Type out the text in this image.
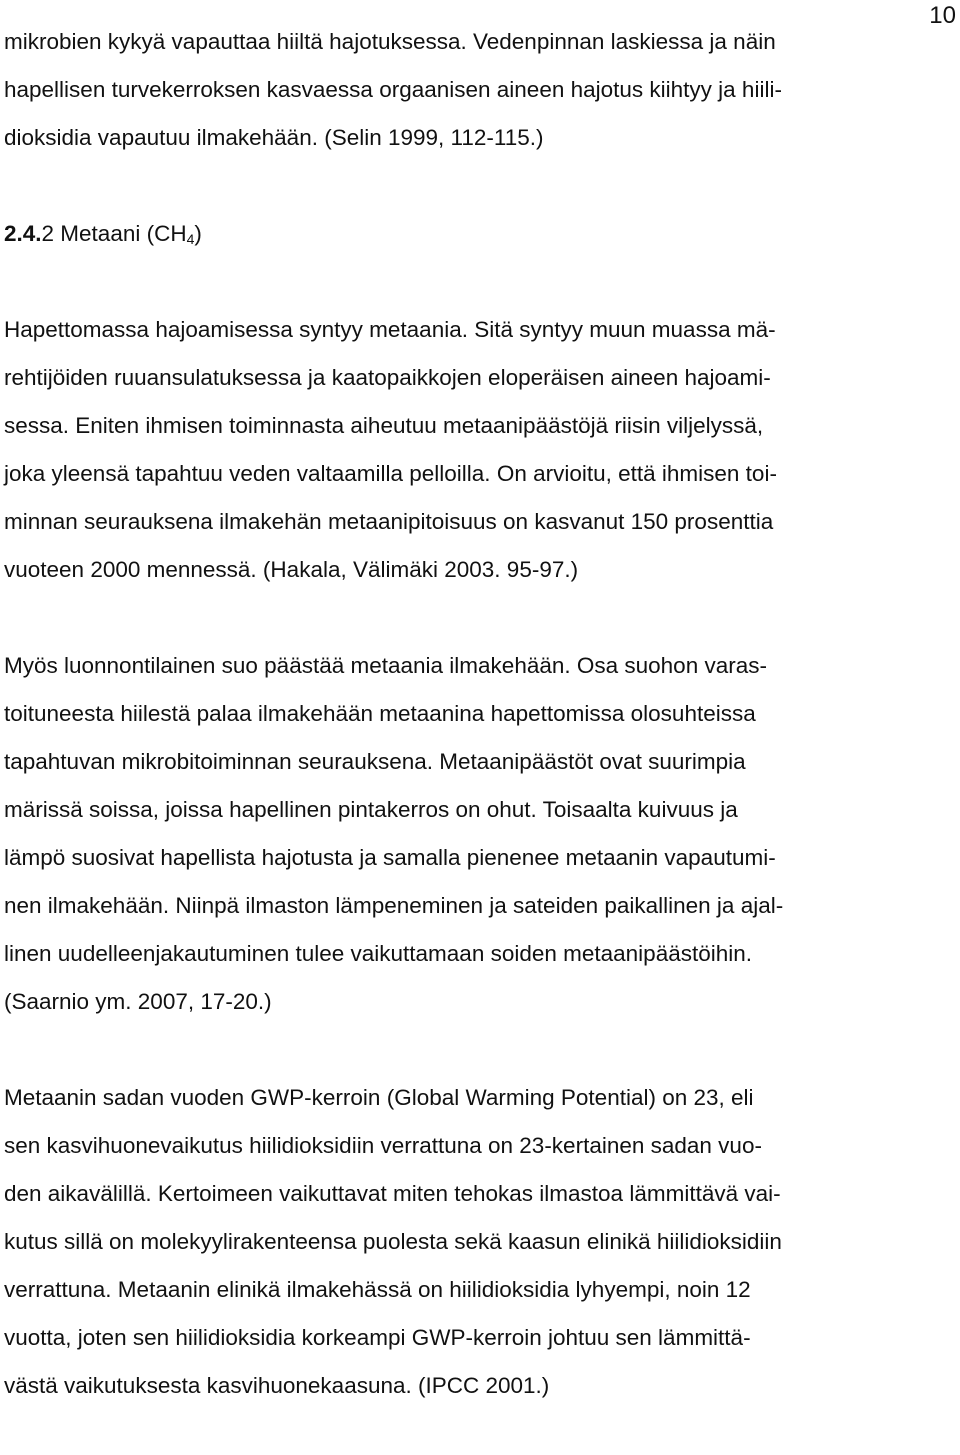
10
mikrobien kykyä vapauttaa hiiltä hajotuksessa. Vedenpinnan laskiessa ja näin
hapellisen turvekerroksen kasvaessa orgaanisen aineen hajotus kiihtyy ja hiili-
dioksidia vapautuu ilmakehään. (Selin 1999, 112-115.)
2.4.2 Metaani $(CH_4)$
Hapettomassa hajoamisessa syntyy metaania. Sitä syntyy muun muassa mä-
rehtijöiden ruuansulatuksessa ja kaatopaikkojen eloperäisen aineen hajoami-
sessa. Eniten ihmisen toiminnasta aiheutuu metaanipäästöjä riisin viljelyssä,
joka yleensä tapahtuu veden valtaamilla pelloilla. On arvioitu, että ihmisen toi-
minnan seurauksena ilmakehän metaanipitoisuus on kasvanut 150 prosenttia
vuoteen 2000 mennessä. (Hakala, Välimäki 2003. 95-97.)
Myös luonnontilainen suo päästää metaania ilmakehään. Osa suohon varas-
toituneesta hiilestä palaa ilmakehään metaanina hapettomissa olosuhteissa
tapahtuvan mikrobitoiminnan seurauksena. Metaanipäästöt ovat suurimpia
märissä soissa, joissa hapellinen pintakerros on ohut. Toisaalta kuivuus ja
lämpö suosivat hapellista hajotusta ja samalla pienenee metaanin vapautumi-
nen ilmakehään. Niinpä ilmaston lämpeneminen ja sateiden paikallinen ja ajal-
linen uudelleenjakautuminen tulee vaikuttamaan soiden metaanipäästöihin.
(Saarnio ym. 2007, 17-20.)
Metaanin sadan vuoden GWP-kerroin (Global Warming Potential) on 23, eli
sen kasvihuonevaikutus hiilidioksidiin verrattuna on 23-kertainen sadan vuo-
den aikavälillä. Kertoimeen vaikuttavat miten tehokas ilmastoa lämmittävä vai-
kutus sillä on molekyylirakenteensa puolesta sekä kaasun elinikä hiilidioksidiin
verrattuna. Metaanin elinikä ilmakehässä on hiilidioksidia lyhyempi, noin 12
vuotta, joten sen hiilidioksidia korkeampi GWP-kerroin johtuu sen lämmittä-
västä vaikutuksesta kasvihuonekaasuna. (IPCC 2001.)
